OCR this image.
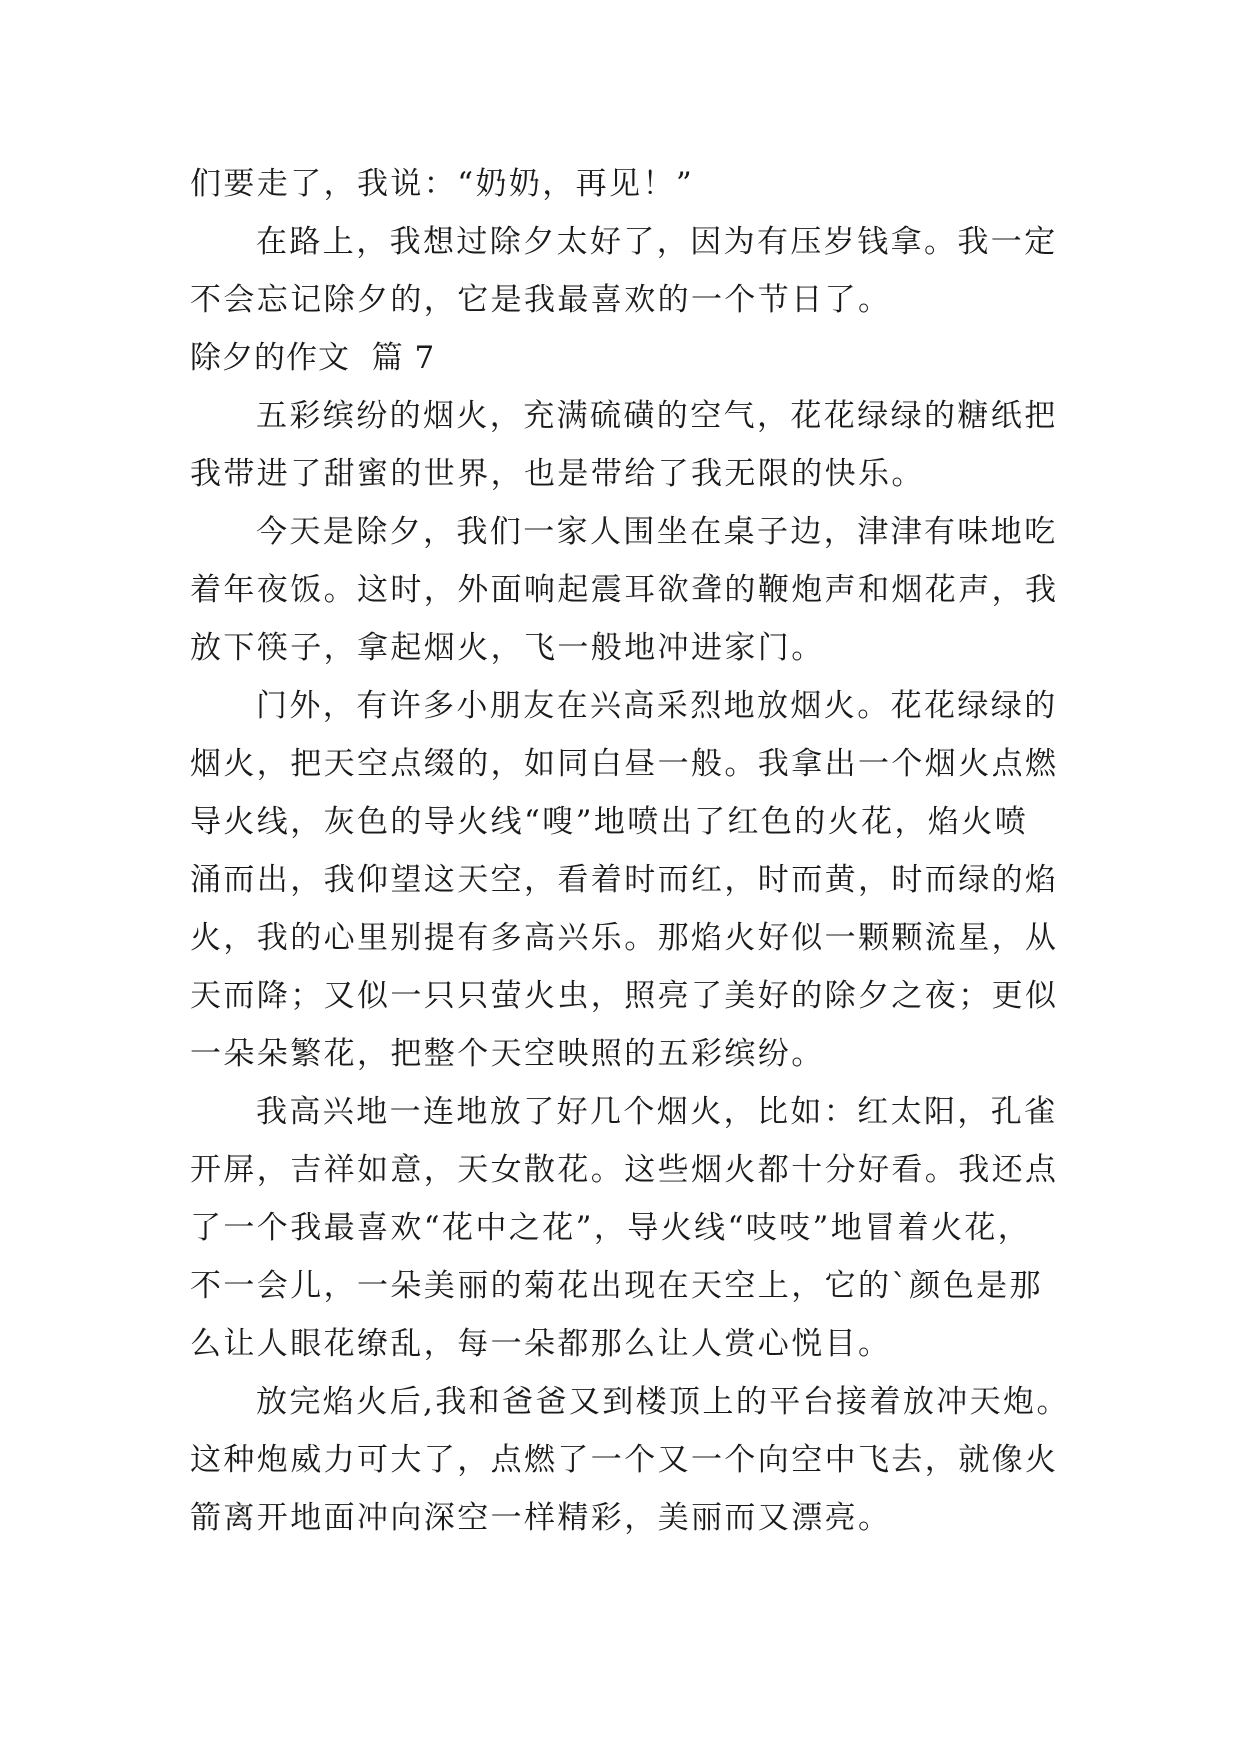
们要走了，我说：“奶奶，再见！”
在路上，我想过除夕太好了，因为有压岁钱拿。我一定
不会忘记除夕的，它是我最喜欢的一个节日了。
除夕的作文  篇 7
五彩缤纷的烟火，充满硫磺的空气，花花绿绿的糖纸把
我带进了甜蜜的世界，也是带给了我无限的快乐。
今天是除夕，我们一家人围坐在桌子边，津津有味地吃
着年夜饭。这时，外面响起震耳欲聋的鞭炮声和烟花声，我
放下筷子，拿起烟火，飞一般地冲进家门。
门外，有许多小朋友在兴高采烈地放烟火。花花绿绿的
烟火，把天空点缀的，如同白昼一般。我拿出一个烟火点燃
导火线，灰色的导火线“嗖”地喷出了红色的火花，焰火喷
涌而出，我仰望这天空，看着时而红，时而黄，时而绿的焰
火，我的心里别提有多高兴乐。那焰火好似一颗颗流星，从
天而降；又似一只只萤火虫，照亮了美好的除夕之夜；更似
一朵朵繁花，把整个天空映照的五彩缤纷。
我高兴地一连地放了好几个烟火，比如：红太阳，孔雀
开屏，吉祥如意，天女散花。这些烟火都十分好看。我还点
了一个我最喜欢“花中之花”，导火线“吱吱”地冒着火花，
不一会儿，一朵美丽的菊花出现在天空上，它的`颜色是那
么让人眼花缭乱，每一朵都那么让人赏心悦目。
放完焰火后,我和爸爸又到楼顶上的平台接着放冲天炮。
这种炮威力可大了，点燃了一个又一个向空中飞去，就像火
箭离开地面冲向深空一样精彩，美丽而又漂亮。
